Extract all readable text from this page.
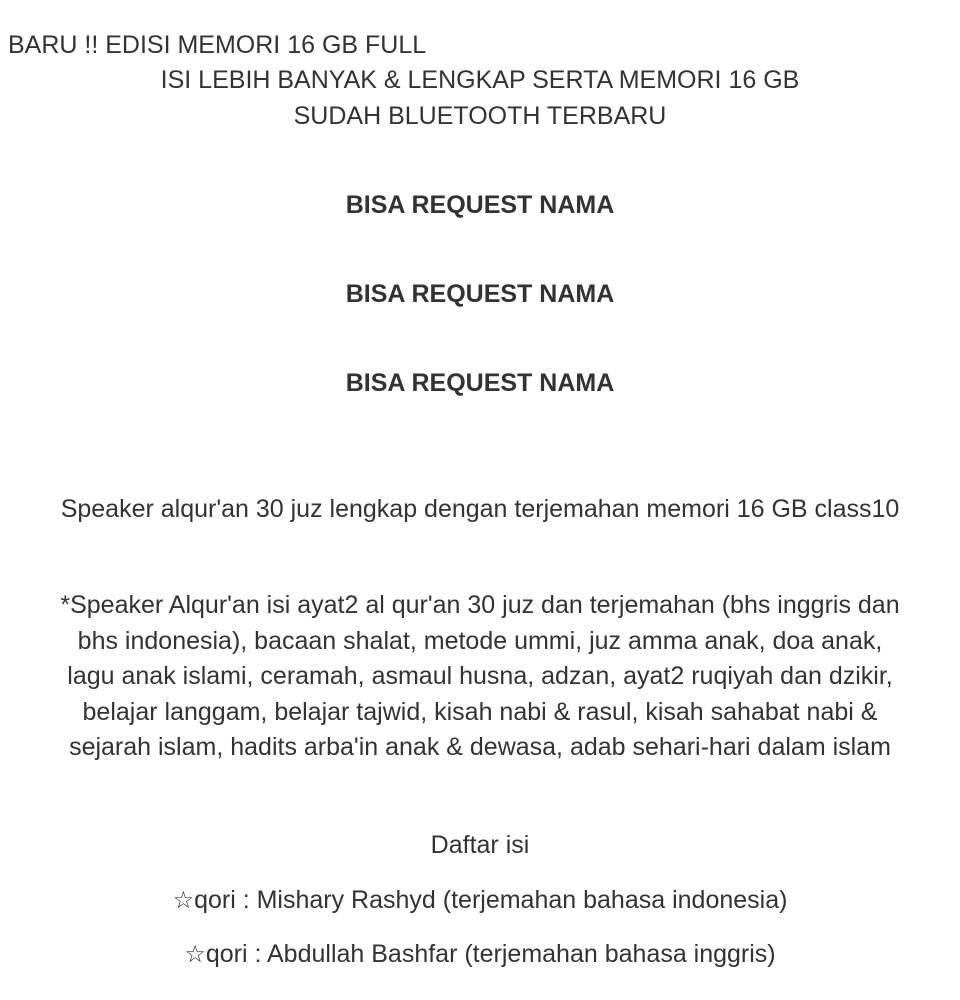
BARU !! EDISI MEMORI 16 GB FULL
ISI LEBIH BANYAK & LENGKAP SERTA MEMORI 16 GB
SUDAH BLUETOOTH TERBARU
BISA REQUEST NAMA
BISA REQUEST NAMA
BISA REQUEST NAMA
Speaker alqur'an 30 juz lengkap dengan terjemahan memori 16 GB class10
*Speaker Alqur'an isi ayat2 al qur'an 30 juz dan terjemahan (bhs inggris dan
bhs indonesia), bacaan shalat, metode ummi, juz amma anak, doa anak,
lagu anak islami, ceramah, asmaul husna, adzan, ayat2 ruqiyah dan dzikir,
belajar langgam, belajar tajwid, kisah nabi & rasul, kisah sahabat nabi &
sejarah islam, hadits arba'in anak & dewasa, adab sehari-hari dalam islam
Daftar isi
☆qori : Mishary Rashyd (terjemahan bahasa indonesia)
☆qori : Abdullah Bashfar (terjemahan bahasa inggris)
